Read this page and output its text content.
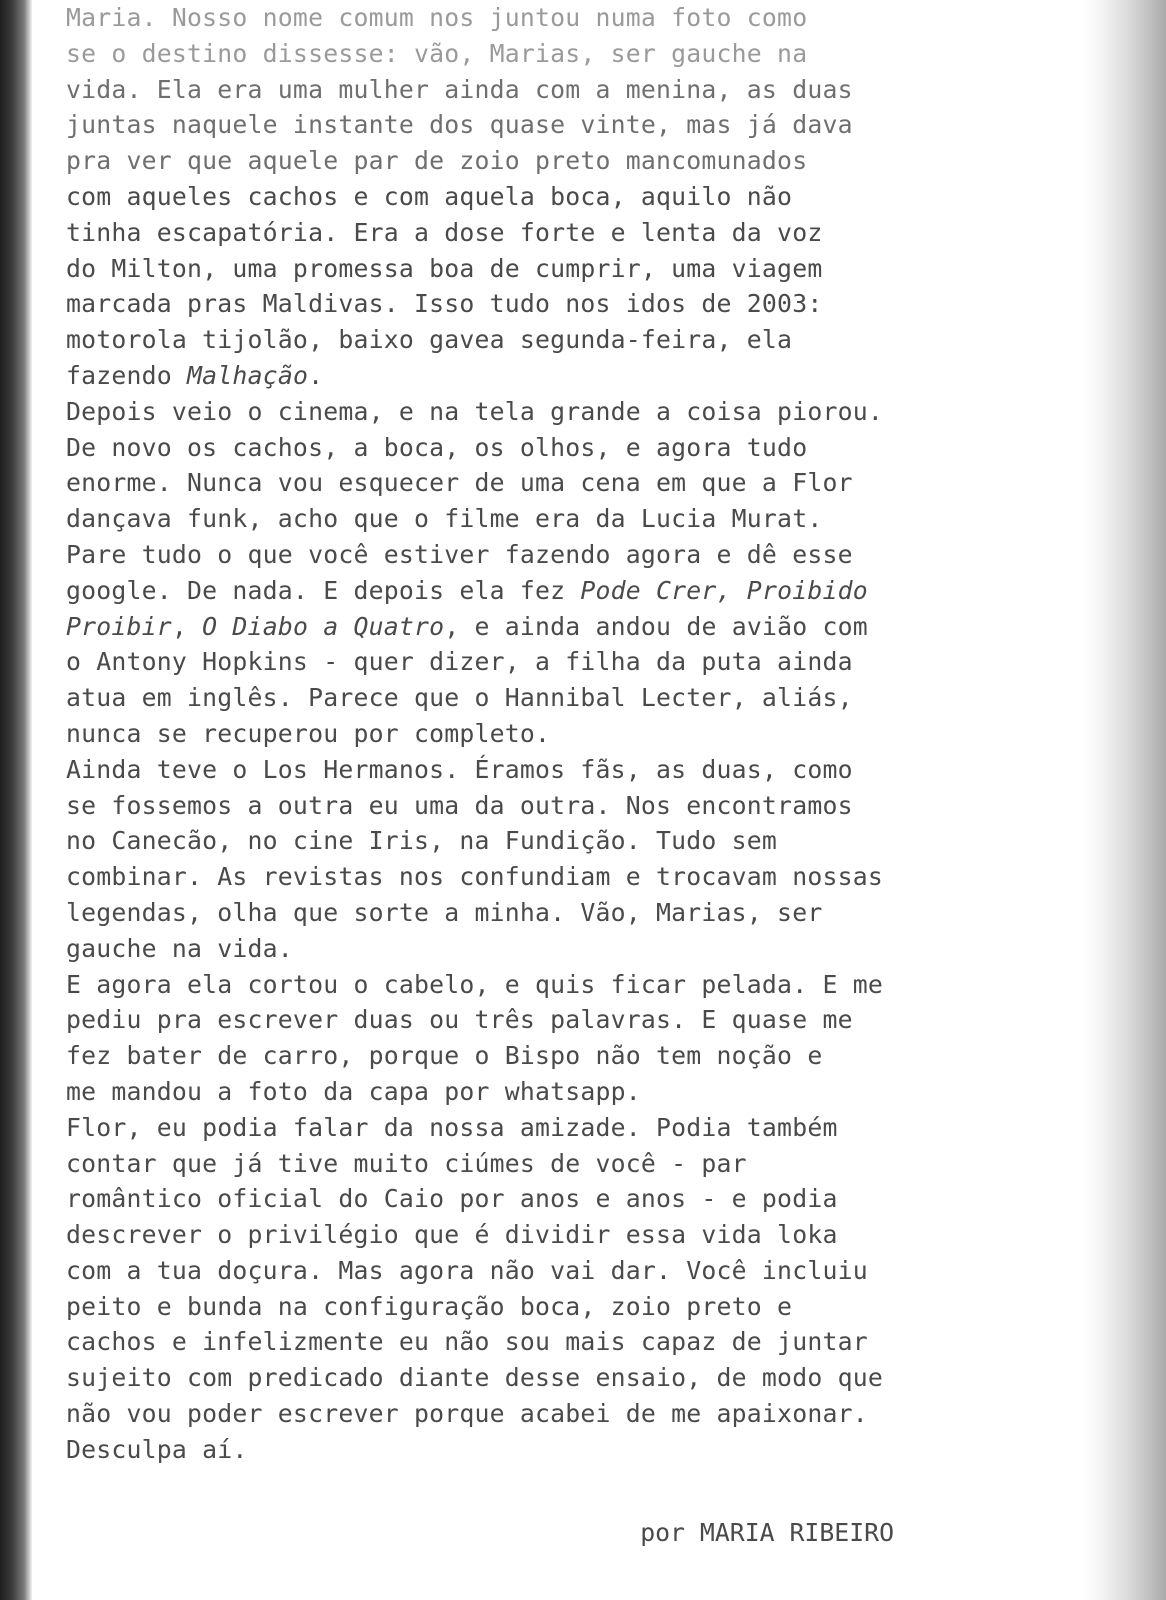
Maria. Nosso nome comum nos juntou numa foto como
se o destino dissesse: vão, Marias, ser gauche na
vida. Ela era uma mulher ainda com a menina, as duas
juntas naquele instante dos quase vinte, mas já dava
pra ver que aquele par de zoio preto mancomunados
com aqueles cachos e com aquela boca, aquilo não
tinha escapatória. Era a dose forte e lenta da voz
do Milton, uma promessa boa de cumprir, uma viagem
marcada pras Maldivas. Isso tudo nos idos de 2003:
motorola tijolão, baixo gavea segunda-feira, ela
fazendo Malhação.
Depois veio o cinema, e na tela grande a coisa piorou.
De novo os cachos, a boca, os olhos, e agora tudo
enorme. Nunca vou esquecer de uma cena em que a Flor
dançava funk, acho que o filme era da Lucia Murat.
Pare tudo o que você estiver fazendo agora e dê esse
google. De nada. E depois ela fez Pode Crer, Proibido
Proibir, O Diabo a Quatro, e ainda andou de avião com
o Antony Hopkins - quer dizer, a filha da puta ainda
atua em inglês. Parece que o Hannibal Lecter, aliás,
nunca se recuperou por completo.
Ainda teve o Los Hermanos. Éramos fãs, as duas, como
se fossemos a outra eu uma da outra. Nos encontramos
no Canecão, no cine Iris, na Fundição. Tudo sem
combinar. As revistas nos confundiam e trocavam nossas
legendas, olha que sorte a minha. Vão, Marias, ser
gauche na vida.
E agora ela cortou o cabelo, e quis ficar pelada. E me
pediu pra escrever duas ou três palavras. E quase me
fez bater de carro, porque o Bispo não tem noção e
me mandou a foto da capa por whatsapp.
Flor, eu podia falar da nossa amizade. Podia também
contar que já tive muito ciúmes de você - par
romântico oficial do Caio por anos e anos - e podia
descrever o privilégio que é dividir essa vida loka
com a tua doçura. Mas agora não vai dar. Você incluiu
peito e bunda na configuração boca, zoio preto e
cachos e infelizmente eu não sou mais capaz de juntar
sujeito com predicado diante desse ensaio, de modo que
não vou poder escrever porque acabei de me apaixonar.
Desculpa aí.
por MARIA RIBEIRO
